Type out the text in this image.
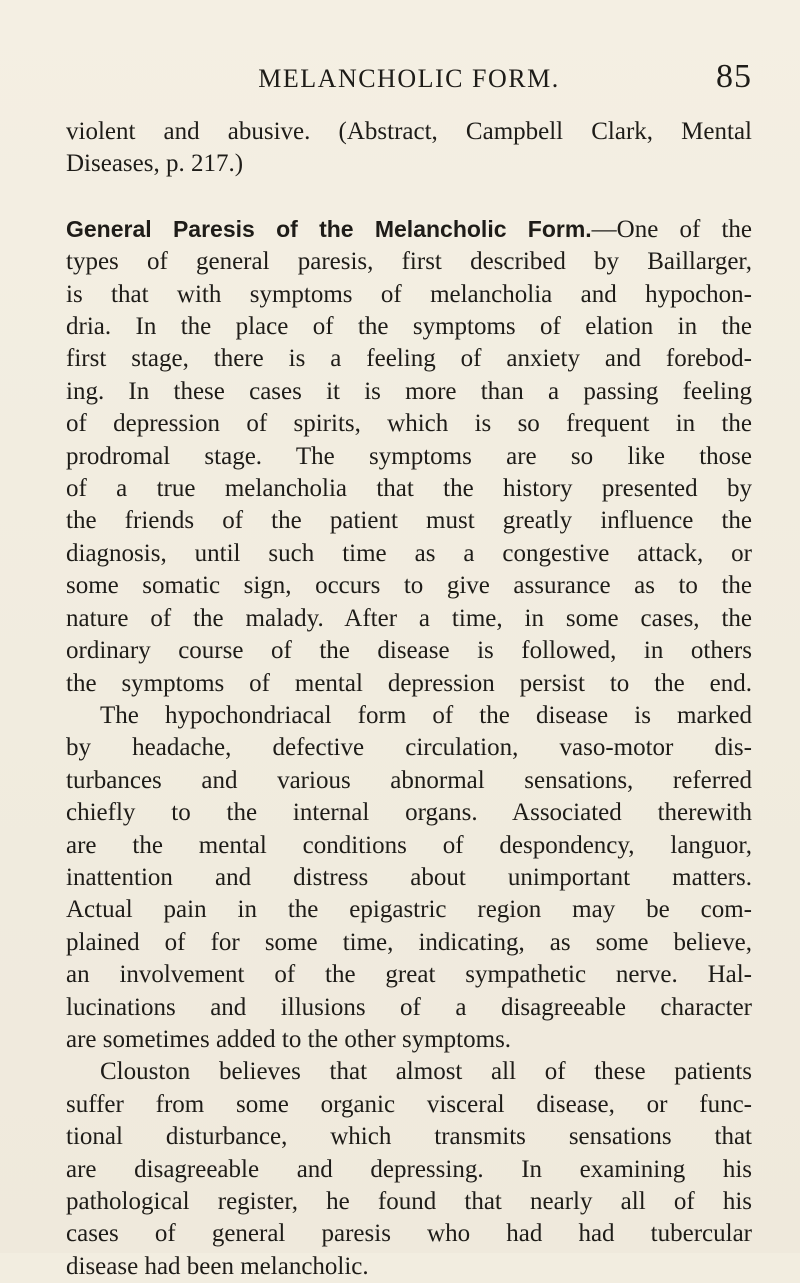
MELANCHOLIC FORM.	85
violent and abusive. (Abstract, Campbell Clark, Mental
Diseases, p. 217.)
General Paresis of the Melancholic Form.—One of the
types of general paresis, first described by Baillarger,
is that with symptoms of melancholia and hypochon-
dria. In the place of the symptoms of elation in the
first stage, there is a feeling of anxiety and forebod-
ing. In these cases it is more than a passing feeling
of depression of spirits, which is so frequent in the
prodromal stage. The symptoms are so like those
of a true melancholia that the history presented by
the friends of the patient must greatly influence the
diagnosis, until such time as a congestive attack, or
some somatic sign, occurs to give assurance as to the
nature of the malady. After a time, in some cases, the
ordinary course of the disease is followed, in others
the symptoms of mental depression persist to the end.
The hypochondriacal form of the disease is marked
by headache, defective circulation, vaso-motor dis-
turbances and various abnormal sensations, referred
chiefly to the internal organs. Associated therewith
are the mental conditions of despondency, languor,
inattention and distress about unimportant matters.
Actual pain in the epigastric region may be com-
plained of for some time, indicating, as some believe,
an involvement of the great sympathetic nerve. Hal-
lucinations and illusions of a disagreeable character
are sometimes added to the other symptoms.
Clouston believes that almost all of these patients
suffer from some organic visceral disease, or func-
tional disturbance, which transmits sensations that
are disagreeable and depressing. In examining his
pathological register, he found that nearly all of his
cases of general paresis who had had tubercular
disease had been melancholic.
